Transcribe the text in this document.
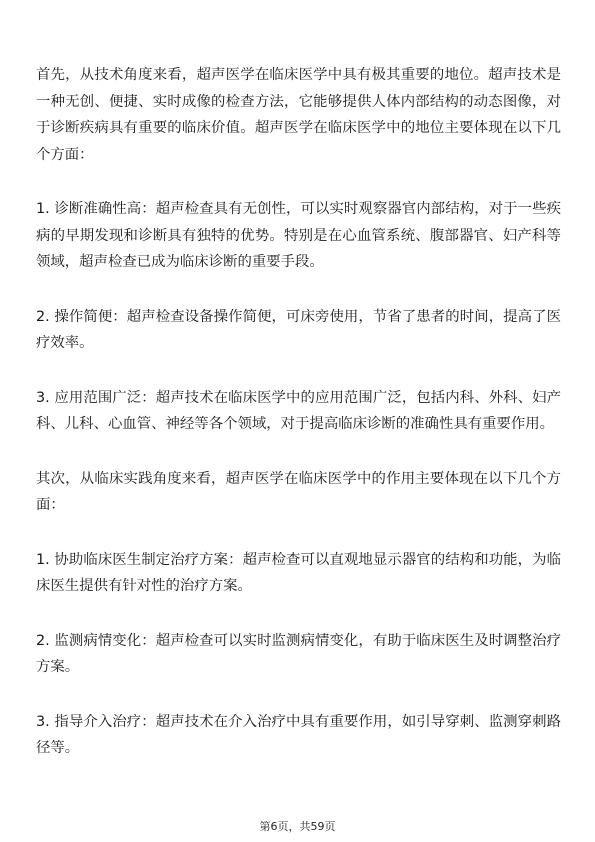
首先，从技术角度来看，超声医学在临床医学中具有极其重要的地位。超声技术是一种无创、便捷、实时成像的检查方法，它能够提供人体内部结构的动态图像，对于诊断疾病具有重要的临床价值。超声医学在临床医学中的地位主要体现在以下几个方面：

1. 诊断准确性高：超声检查具有无创性，可以实时观察器官内部结构，对于一些疾病的早期发现和诊断具有独特的优势。特别是在心血管系统、腹部器官、妇产科等领域，超声检查已成为临床诊断的重要手段。

2. 操作简便：超声检查设备操作简便，可床旁使用，节省了患者的时间，提高了医疗效率。

3. 应用范围广泛：超声技术在临床医学中的应用范围广泛，包括内科、外科、妇产科、儿科、心血管、神经等各个领域，对于提高临床诊断的准确性具有重要作用。

其次，从临床实践角度来看，超声医学在临床医学中的作用主要体现在以下几个方面：

1. 协助临床医生制定治疗方案：超声检查可以直观地显示器官的结构和功能，为临床医生提供有针对性的治疗方案。

2. 监测病情变化：超声检查可以实时监测病情变化，有助于临床医生及时调整治疗方案。

3. 指导介入治疗：超声技术在介入治疗中具有重要作用，如引导穿刺、监测穿刺路径等。

第6页，共59页
